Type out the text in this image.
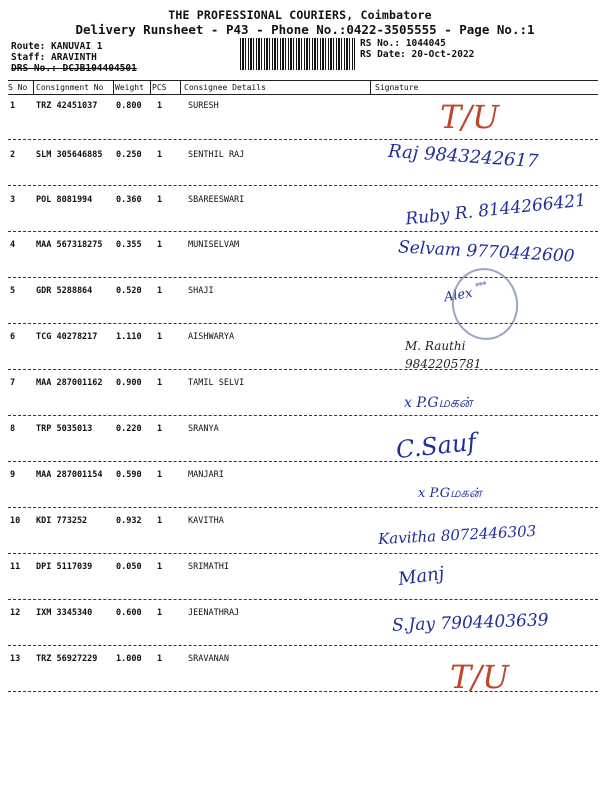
THE PROFESSIONAL COURIERS, Coimbatore
Delivery Runsheet - P43 - Phone No.:0422-3505555 - Page No.:1
Route: KANUVAI 1
Staff: ARAVINTH
DRS No.: DCJB104404501
RS No.: 1044045
RS Date: 20-Oct-2022
S No Consignment No Weight PCS Consignee Details	Signature
1 TRZ 42451037 0.800 1	SURESH	T/U
2 SLM 305646885 0.250 1	SENTHIL RAJ	Raj 9843242617
3 POL 8081994	0.360 1	SBAREESWARI	Ruby R. 8144266421
4 MAA 567318275 0.355 1	MUNISELVAM	Selvam 9770442600
5 GDR 5288864	0.520 1	SHAJI	Alex
●●●
6 TCG 40278217 1.110 1	AISHWARYA
M. Rauthi 9842205781
7 MAA 287001162 0.900 1	TAMIL SELVI
x P.Gமகன்
8 TRP 5035013	0.220 1	SRANYA	C.Sauf
9 MAA 287001154 0.590 1	MANJARI
x P.Gமகன்
10 KDI 773252	0.932 1	KAVITHA
Kavitha 8072446303
11 DPI 5117039	0.050 1	SRIMATHI	Manj
12 IXM 3345340	0.600 1	JEENATHRAJ	S.Jay 7904403639
13 TRZ 56927229 1.000 1	SRAVANAN	T/U
